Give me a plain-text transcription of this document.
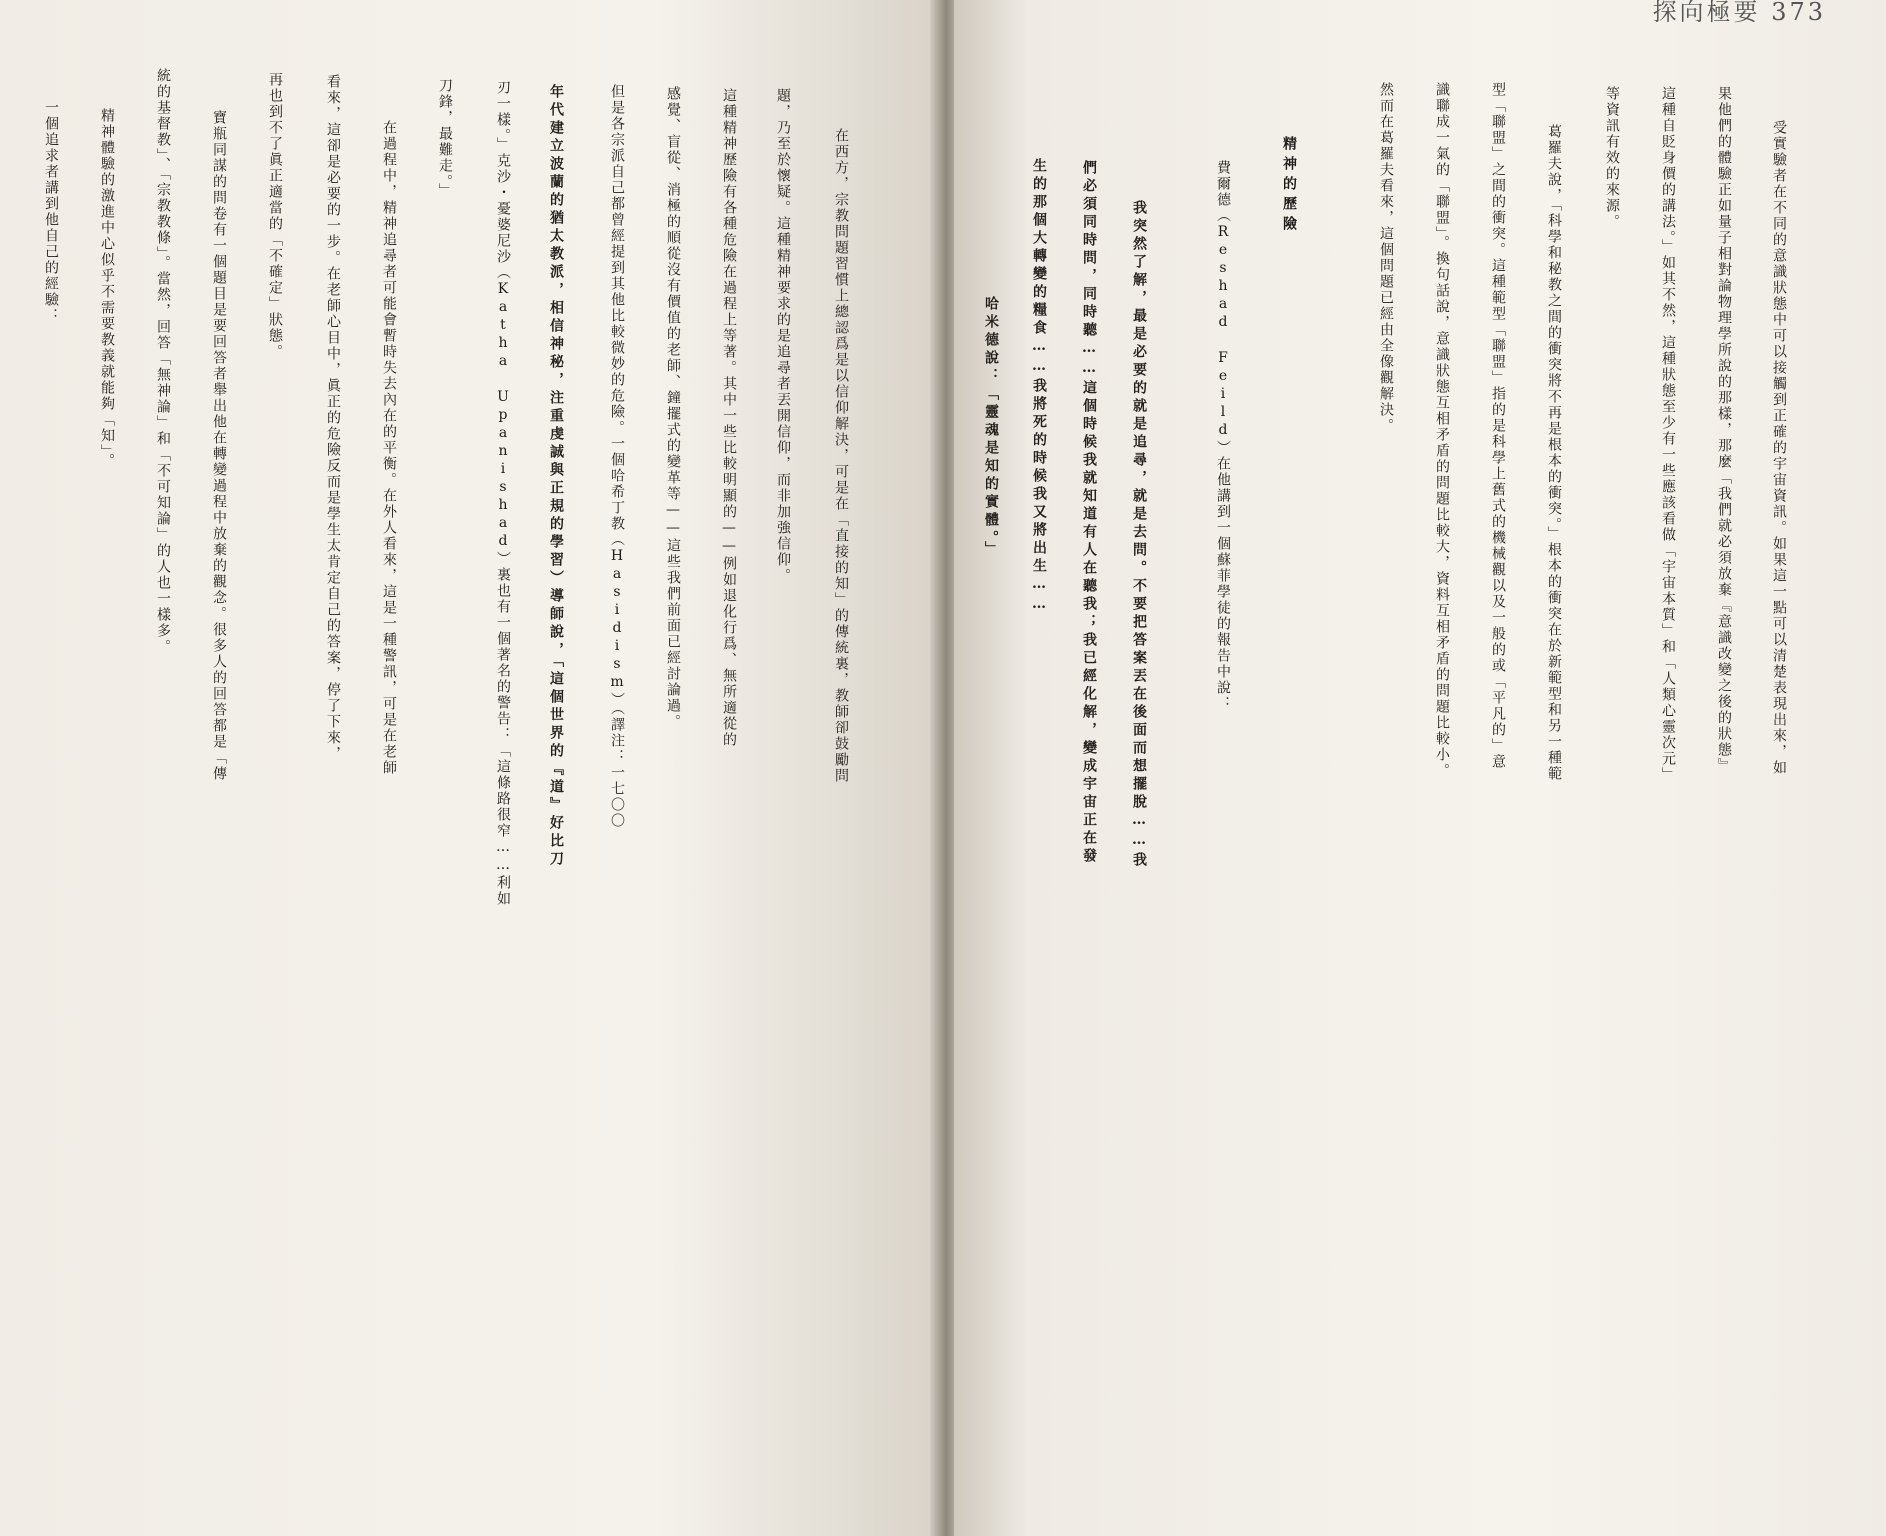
在西方，宗教問題習慣上總認爲是以信仰解決，可是在「直接的知」的傳統裏，教師卻鼓勵問
題，乃至於懷疑。這種精神要求的是追尋者丟開信仰，而非加強信仰。
這種精神歷險有各種危險在過程上等著。其中一些比較明顯的——例如退化行爲、無所適從的
感覺、盲從、消極的順從沒有價值的老師、鐘擺式的變革等——這些我們前面已經討論過。
但是各宗派自己都曾經提到其他比較微妙的危險。一個哈希丁教（Hasidism）（譯注：一七〇〇
年代建立波蘭的猶太教派，相信神秘，注重虔誠與正規的學習）導師說，「這個世界的『道』好比刀
刃一樣。」克沙・憂婆尼沙（Katha Upanishad）裏也有一個著名的警告：「這條路很窄……利如
刀鋒，最難走。」
在過程中，精神追尋者可能會暫時失去內在的平衡。在外人看來，這是一種警訊，可是在老師
看來，這卻是必要的一步。在老師心目中，眞正的危險反而是學生太肯定自己的答案，停了下來，
再也到不了眞正適當的「不確定」狀態。
寶瓶同謀的問卷有一個題目是要回答者舉出他在轉變過程中放棄的觀念。很多人的回答都是「傳
統的基督教」、「宗教教條」。當然，回答「無神論」和「不可知論」的人也一樣多。
精神體驗的激進中心似乎不需要教義就能夠「知」。
一個追求者講到他自己的經驗：
探向極要 373
受實驗者在不同的意識狀態中可以接觸到正確的宇宙資訊。如果這一點可以清楚表現出來，如
果他們的體驗正如量子相對論物理學所說的那樣，那麼「我們就必須放棄『意識改變之後的狀態』
這種自貶身價的講法。」如其不然，這種狀態至少有一些應該看做「宇宙本質」和「人類心靈次元」
等資訊有效的來源。
葛羅夫說，「科學和秘教之間的衝突將不再是根本的衝突。」根本的衝突在於新範型和另一種範
型「聯盟」之間的衝突。這種範型「聯盟」指的是科學上舊式的機械觀以及一般的或「平凡的」意
識聯成一氣的「聯盟」。換句話說，意識狀態互相矛盾的問題比較大，資料互相矛盾的問題比較小。
然而在葛羅夫看來，這個問題已經由全像觀解決。
精神的歷險
費爾德（Reshad Feild）在他講到一個蘇菲學徒的報告中說：
我突然了解，最是必要的就是追尋，就是去問。不要把答案丟在後面而想擺脫……我
們必須同時問，同時聽……這個時候我就知道有人在聽我；我已經化解，變成宇宙正在發
生的那個大轉變的糧食……我將死的時候我又將出生……
哈米德說：「靈魂是知的實體。」
